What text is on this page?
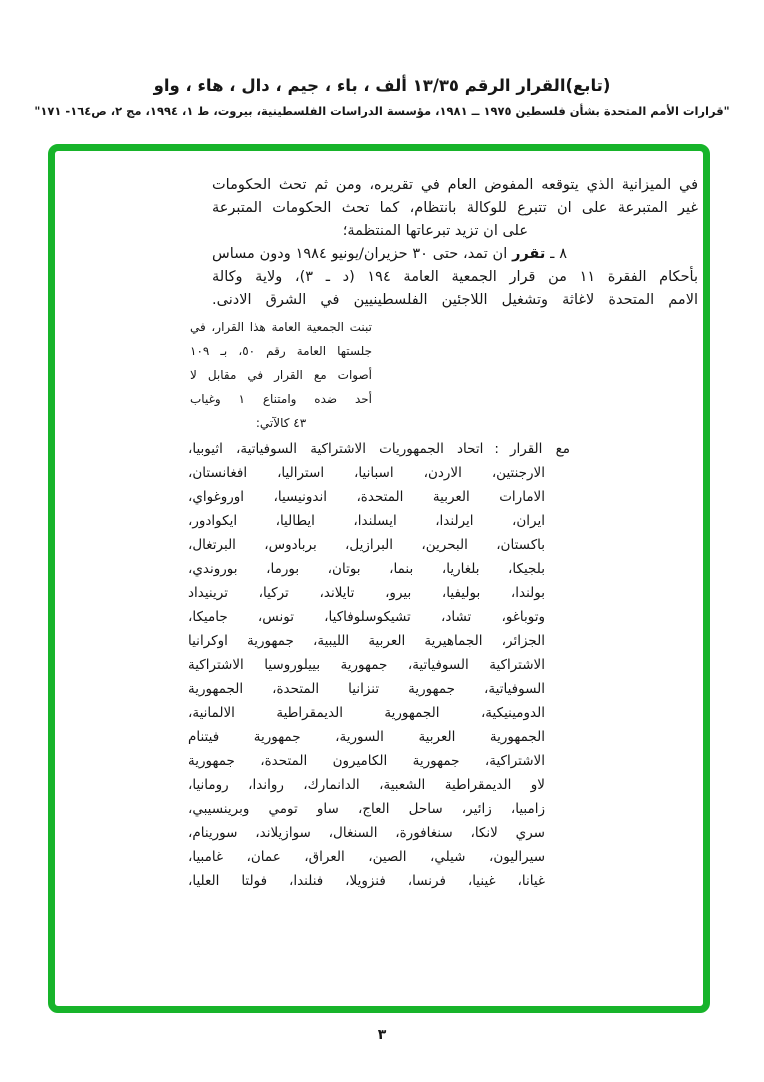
(تابع)القرار الرقم ١٣/٣٥ ألف ، باء ، جيم ، دال ، هاء ، واو
"قرارات الأمم المتحدة بشأن فلسطين ١٩٧٥ ــ ١٩٨١، مؤسسة الدراسات الفلسطينية، بيروت، ط ١، ١٩٩٤، مج ٢، ص١٦٤- ١٧١"
في الميزانية الذي يتوقعه المفوض العام في تقريره، ومن ثم تحث الحكومات
غير المتبرعة على ان تتبرع للوكالة بانتظام، كما تحث الحكومات المتبرعة
على ان تزيد تبرعاتها المنتظمة؛
٨ ـ تقرر ان تمد، حتى ٣٠ حزيران/يونيو ١٩٨٤ ودون مساس
بأحكام الفقرة ١١ من قرار الجمعية العامة ١٩٤ (د ـ ٣)، ولاية وكالة
الامم المتحدة لاغاثة وتشغيل اللاجئين الفلسطينيين في الشرق الادنى.
تبنت الجمعية العامة هذا القرار، في
جلستها العامة رقم ٥٠، بـ ١٠٩
أصوات مع القرار في مقابل لا
أحد ضده وامتناع ١ وغياب
٤٣ كالآتي:
مع القرار:اتحاد الجمهوريات الاشتراكية السوفياتية، اثيوبيا،
الارجنتين، الاردن، اسبانيا، استراليا، افغانستان،
الامارات العربية المتحدة، اندونيسيا، اوروغواي،
ايران، ايرلندا، ايسلندا، ايطاليا، ايكوادور،
باكستان، البحرين، البرازيل، بربادوس، البرتغال،
بلجيكا، بلغاريا، بنما، بوتان، بورما، بوروندي،
بولندا، بوليفيا، بيرو، تايلاند، تركيا، ترينيداد
وتوباغو، تشاد، تشيكوسلوفاكيا، تونس، جاميكا،
الجزائر، الجماهيرية العربية الليبية، جمهورية اوكرانيا
الاشتراكية السوفياتية، جمهورية بييلوروسيا الاشتراكية
السوفياتية، جمهورية تنزانيا المتحدة، الجمهورية
الدومينيكية، الجمهورية الديمقراطية الالمانية،
الجمهورية العربية السورية، جمهورية فيتنام
الاشتراكية، جمهورية الكاميرون المتحدة، جمهورية
لاو الديمقراطية الشعبية، الدانمارك، رواندا، رومانيا،
زامبيا، زائير، ساحل العاج، ساو تومي وبرينسيبي،
سري لانكا، سنغافورة، السنغال، سوازيلاند، سورينام،
سيراليون، شيلي، الصين، العراق، عمان، غامبيا،
غيانا، غينيا، فرنسا، فنزويلا، فنلندا، فولتا العليا،
٣
